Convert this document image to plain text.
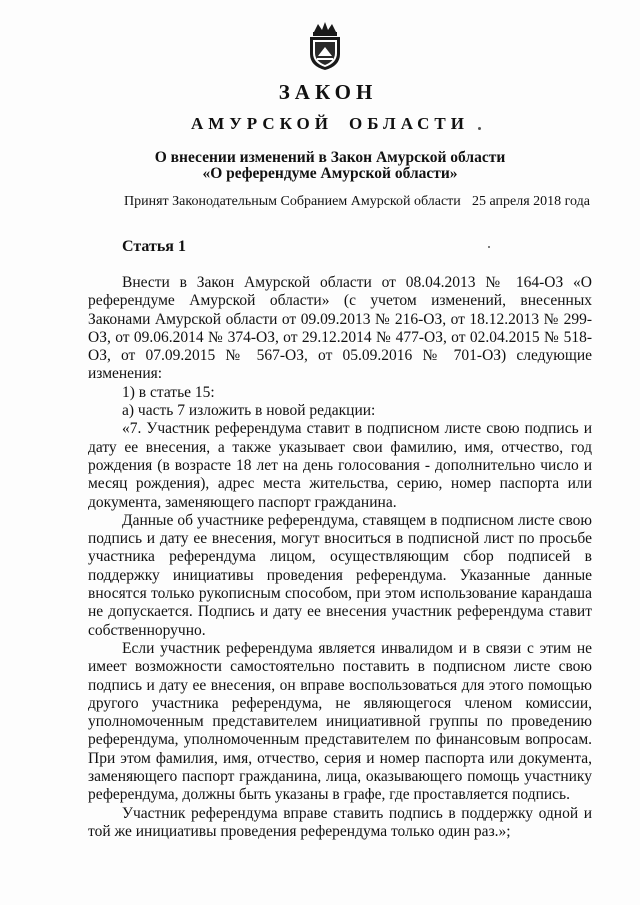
ЗАКОН
АМУРСКОЙ ОБЛАСТИ
О внесении изменений в Закон Амурской области
«О референдуме Амурской области»
Принят Законодательным Собранием Амурской области 25 апреля 2018 года
Статья 1

Внести в Закон Амурской области от 08.04.2013 № 164-ОЗ «О референдуме Амурской области» (с учетом изменений, внесенных Законами Амурской области от 09.09.2013 № 216-ОЗ, от 18.12.2013 № 299-ОЗ, от 09.06.2014 № 374-ОЗ, от 29.12.2014 № 477-ОЗ, от 02.04.2015 № 518-ОЗ, от 07.09.2015 № 567-ОЗ, от 05.09.2016 № 701-ОЗ) следующие изменения:

1) в статье 15:

а) часть 7 изложить в новой редакции:

«7. Участник референдума ставит в подписном листе свою подпись и дату ее внесения, а также указывает свои фамилию, имя, отчество, год рождения (в возрасте 18 лет на день голосования - дополнительно число и месяц рождения), адрес места жительства, серию, номер паспорта или документа, заменяющего паспорт гражданина.

Данные об участнике референдума, ставящем в подписном листе свою подпись и дату ее внесения, могут вноситься в подписной лист по просьбе участника референдума лицом, осуществляющим сбор подписей в поддержку инициативы проведения референдума. Указанные данные вносятся только рукописным способом, при этом использование карандаша не допускается. Подпись и дату ее внесения участник референдума ставит собственноручно.

Если участник референдума является инвалидом и в связи с этим не имеет возможности самостоятельно поставить в подписном листе свою подпись и дату ее внесения, он вправе воспользоваться для этого помощью другого участника референдума, не являющегося членом комиссии, уполномоченным представителем инициативной группы по проведению референдума, уполномоченным представителем по финансовым вопросам. При этом фамилия, имя, отчество, серия и номер паспорта или документа, заменяющего паспорт гражданина, лица, оказывающего помощь участнику референдума, должны быть указаны в графе, где проставляется подпись.

Участник референдума вправе ставить подпись в поддержку одной и той же инициативы проведения референдума только один раз.»;
